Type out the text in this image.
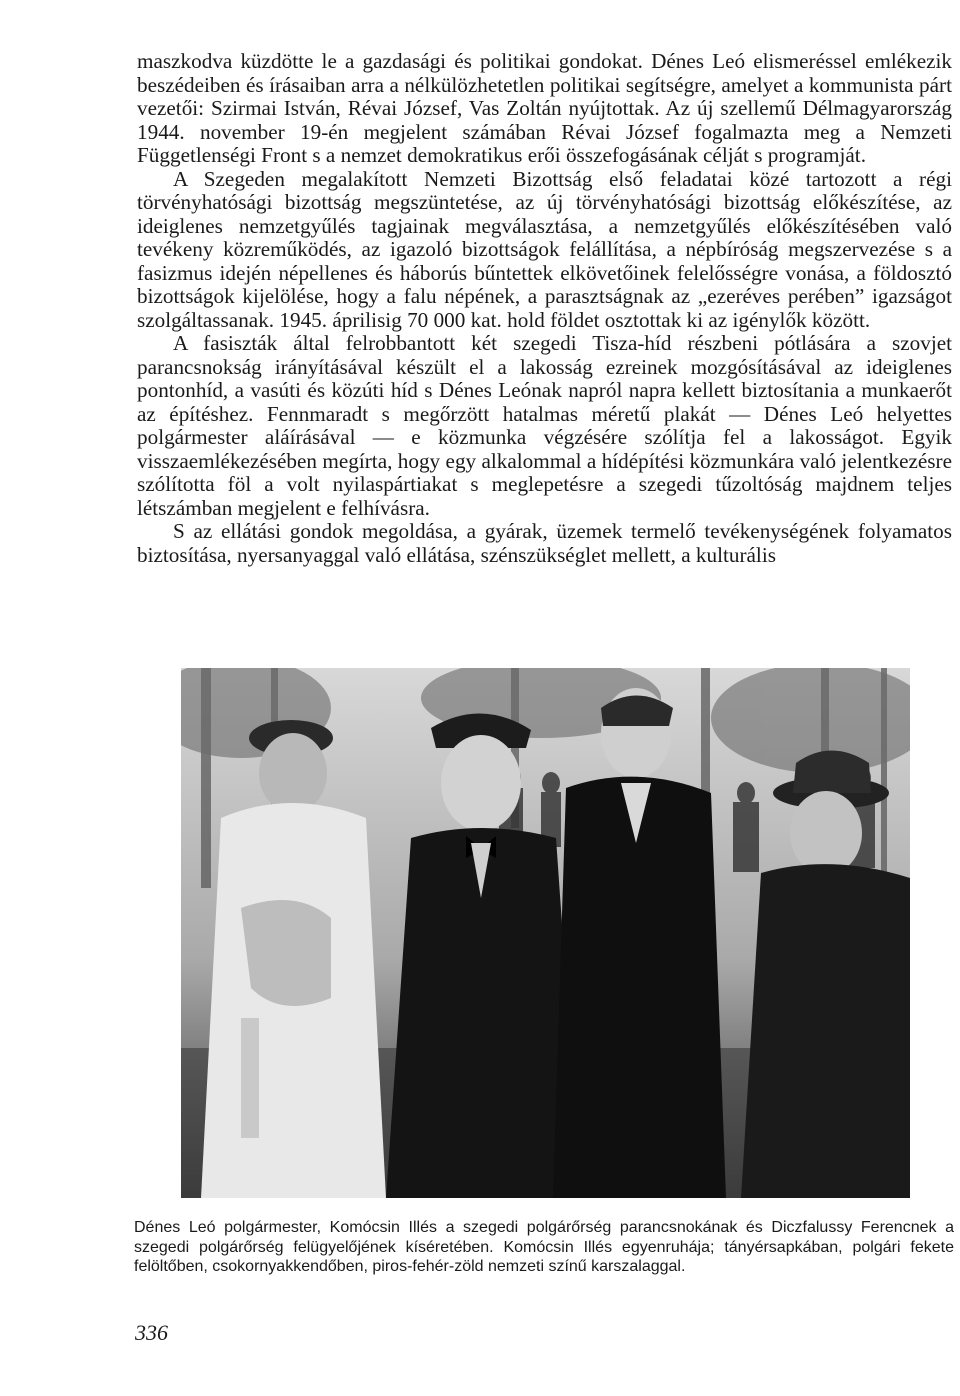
maszkodva küzdötte le a gazdasági és politikai gondokat. Dénes Leó elismeréssel emlékezik beszédeiben és írásaiban arra a nélkülözhetetlen politikai segítségre, amelyet a kommunista párt vezetői: Szirmai István, Révai József, Vas Zoltán nyújtottak. Az új szellemű Délmagyarország 1944. november 19-én megjelent számában Révai József fogalmazta meg a Nemzeti Függetlenségi Front s a nemzet demokratikus erői összefogásának célját s programját.

A Szegeden megalakított Nemzeti Bizottság első feladatai közé tartozott a régi törvényhatósági bizottság megszüntetése, az új törvényhatósági bizottság előkészítése, az ideiglenes nemzetgyűlés tagjainak megválasztása, a nemzetgyűlés előkészítésében való tevékeny közreműködés, az igazoló bizottságok felállítása, a népbíróság megszervezése s a fasizmus idején népellenes és háborús bűntettek elkövetőinek felelősségre vonása, a földosztó bizottságok kijelölése, hogy a falu népének, a parasztságnak az „ezeréves perében” igazságot szolgáltassanak. 1945. áprilisig 70 000 kat. hold földet osztottak ki az igénylők között.

A fasiszták által felrobbantott két szegedi Tisza-híd részbeni pótlására a szovjet parancsnokság irányításával készült el a lakosság ezreinek mozgósításával az ideiglenes pontonhíd, a vasúti és közúti híd s Dénes Leónak napról napra kellett biztosítania a munkaerőt az építéshez. Fennmaradt s megőrzött hatalmas méretű plakát — Dénes Leó helyettes polgármester aláírásával — e közmunka végzésére szólítja fel a lakosságot. Egyik visszaemlékezésében megírta, hogy egy alkalommal a hídépítési közmunkára való jelentkezésre szólította föl a volt nyilaspártiakat s meglepetésre a szegedi tűzoltóság majdnem teljes létszámban megjelent e felhívásra.

S az ellátási gondok megoldása, a gyárak, üzemek termelő tevékenységének folyamatos biztosítása, nyersanyaggal való ellátása, szénszükséglet mellett, a kulturális

Dénes Leó polgármester, Komócsin Illés a szegedi polgárőrség parancsnokának és Diczfalussy Ferencnek a szegedi polgárőrség felügyelőjének kíséretében. Komócsin Illés egyenruhája; tányérsapkában, polgári fekete felöltőben, csokornyakkendőben, piros-fehér-zöld nemzeti színű karszalaggal.
336
